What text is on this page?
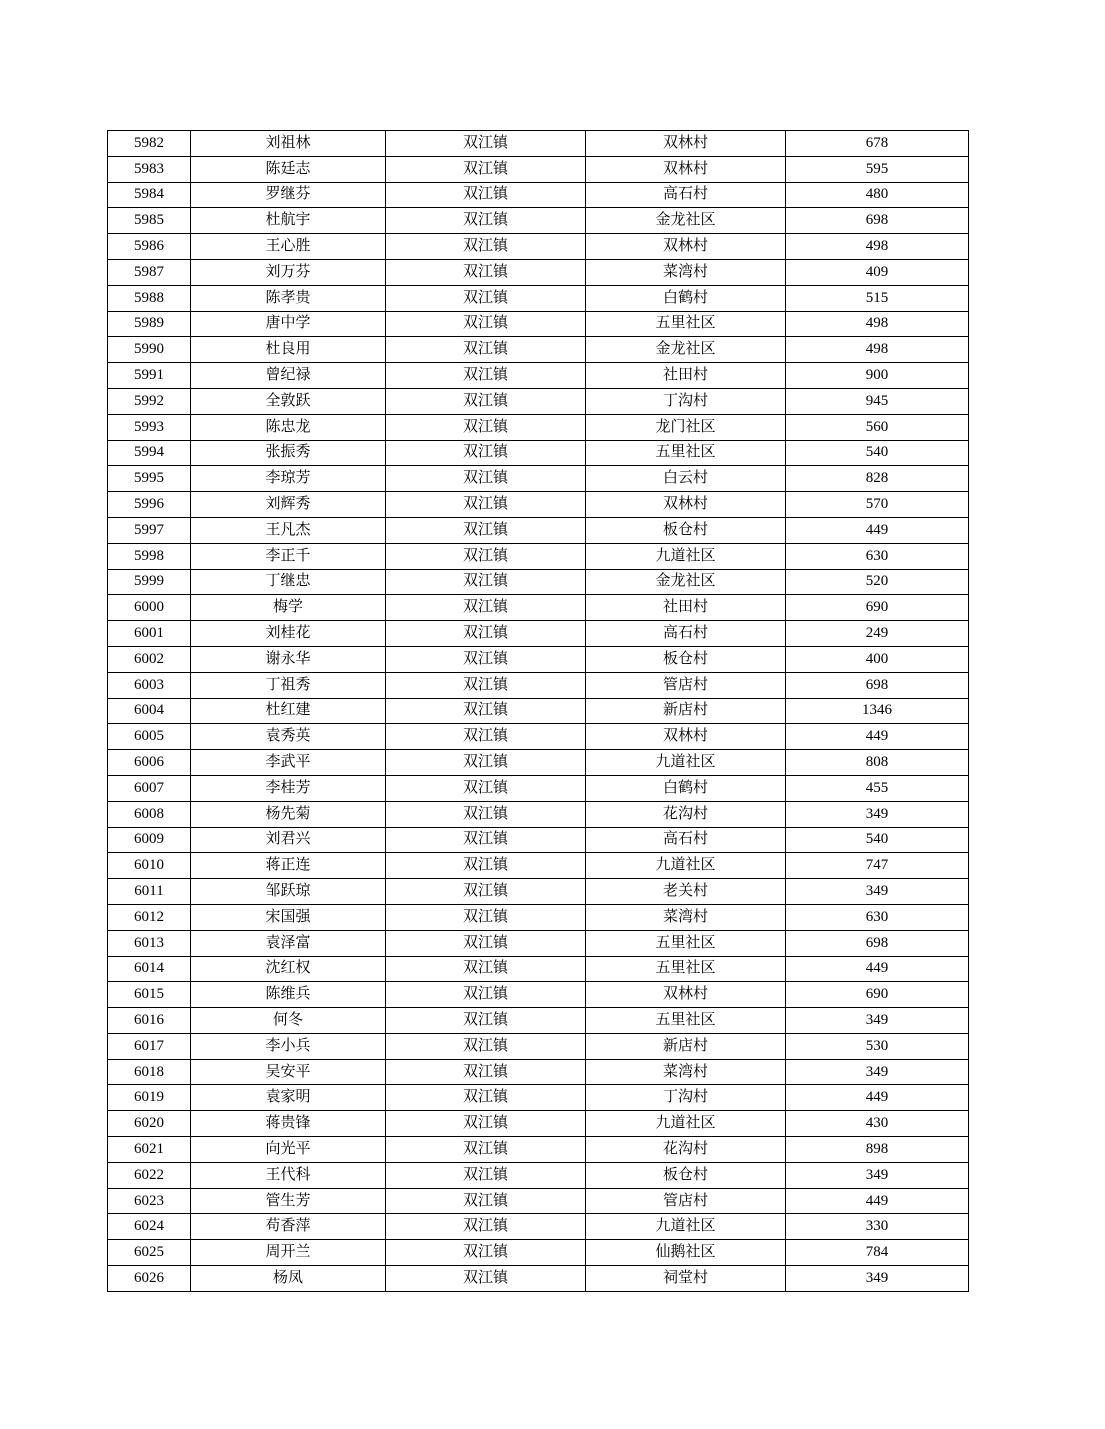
5982	刘祖林	双江镇	双林村	678
5983	陈廷志	双江镇	双林村	595
5984	罗继芬	双江镇	高石村	480
5985	杜航宇	双江镇	金龙社区	698
5986	王心胜	双江镇	双林村	498
5987	刘万芬	双江镇	菜湾村	409
5988	陈孝贵	双江镇	白鹤村	515
5989	唐中学	双江镇	五里社区	498
5990	杜良用	双江镇	金龙社区	498
5991	曾纪禄	双江镇	社田村	900
5992	全敦跃	双江镇	丁沟村	945
5993	陈忠龙	双江镇	龙门社区	560
5994	张振秀	双江镇	五里社区	540
5995	李琼芳	双江镇	白云村	828
5996	刘辉秀	双江镇	双林村	570
5997	王凡杰	双江镇	板仓村	449
5998	李正千	双江镇	九道社区	630
5999	丁继忠	双江镇	金龙社区	520
6000	梅学	双江镇	社田村	690
6001	刘桂花	双江镇	高石村	249
6002	谢永华	双江镇	板仓村	400
6003	丁祖秀	双江镇	管店村	698
6004	杜红建	双江镇	新店村	1346
6005	袁秀英	双江镇	双林村	449
6006	李武平	双江镇	九道社区	808
6007	李桂芳	双江镇	白鹤村	455
6008	杨先菊	双江镇	花沟村	349
6009	刘君兴	双江镇	高石村	540
6010	蒋正连	双江镇	九道社区	747
6011	邹跃琼	双江镇	老关村	349
6012	宋国强	双江镇	菜湾村	630
6013	袁泽富	双江镇	五里社区	698
6014	沈红权	双江镇	五里社区	449
6015	陈维兵	双江镇	双林村	690
6016	何冬	双江镇	五里社区	349
6017	李小兵	双江镇	新店村	530
6018	吴安平	双江镇	菜湾村	349
6019	袁家明	双江镇	丁沟村	449
6020	蒋贵锋	双江镇	九道社区	430
6021	向光平	双江镇	花沟村	898
6022	王代科	双江镇	板仓村	349
6023	管生芳	双江镇	管店村	449
6024	苟香萍	双江镇	九道社区	330
6025	周开兰	双江镇	仙鹅社区	784
6026	杨凤	双江镇	祠堂村	349
